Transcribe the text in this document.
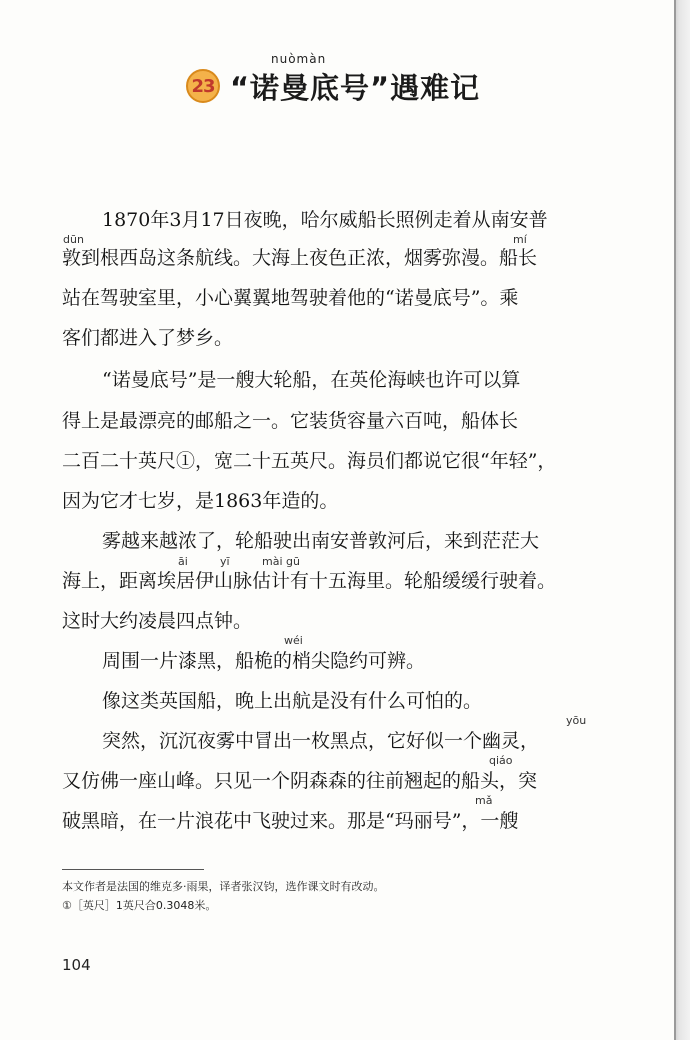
nuòmàn
23 “诺曼底号”遇难记
1870年3月17日夜晚，哈尔威船长照例走着从南安普
dūn	mí
敦到根西岛这条航线。大海上夜色正浓，烟雾弥漫。船长
站在驾驶室里，小心翼翼地驾驶着他的“诺曼底号”。乘
客们都进入了梦乡。
“诺曼底号”是一艘大轮船，在英伦海峡也许可以算
得上是最漂亮的邮船之一。它装货容量六百吨，船体长
二百二十英尺①，宽二十五英尺。海员们都说它很“年轻”，
因为它才七岁，是1863年造的。
雾越来越浓了，轮船驶出南安普敦河后，来到茫茫大
āi	yī	mài gū
海上，距离埃居伊山脉估计有十五海里。轮船缓缓行驶着。
这时大约凌晨四点钟。
wéi
周围一片漆黑，船桅的梢尖隐约可辨。
像这类英国船，晚上出航是没有什么可怕的。
yōu
突然，沉沉夜雾中冒出一枚黑点，它好似一个幽灵，
qiáo
又仿佛一座山峰。只见一个阴森森的往前翘起的船头，突
mǎ
破黑暗，在一片浪花中飞驶过来。那是“玛丽号”，一艘
本文作者是法国的维克多·雨果，译者张汉钧，选作课文时有改动。
①［英尺］1英尺合0.3048米。
104
